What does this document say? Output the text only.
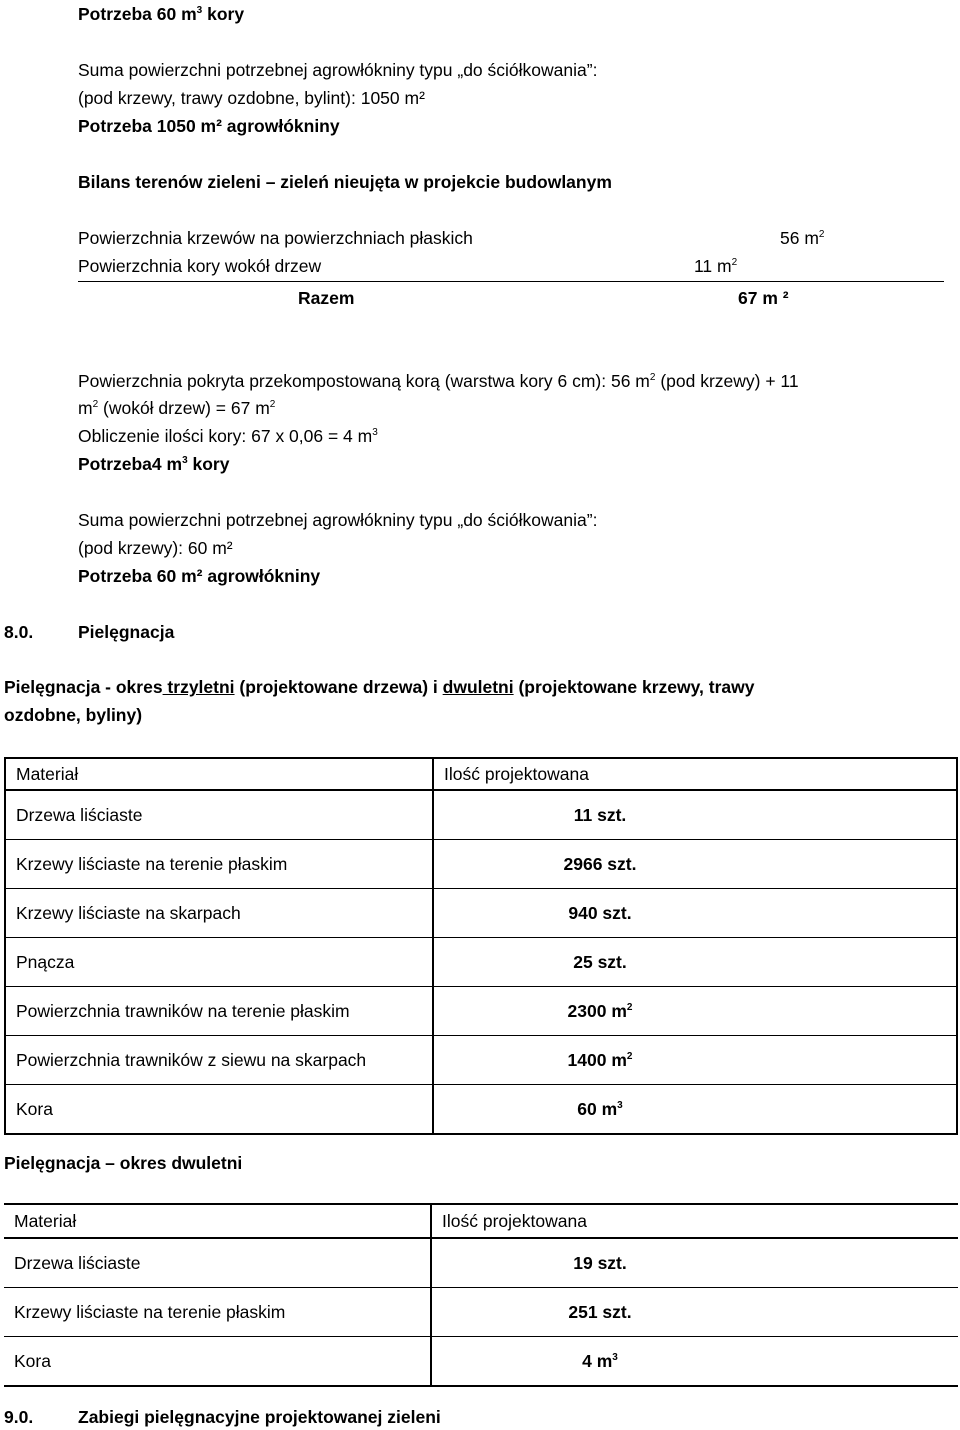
Potrzeba 60 $m^3$ kory
Suma powierzchni potrzebnej agrowłókniny typu „do ściółkowania”:
(pod krzewy, trawy ozdobne, bylint): 1050 m²
Potrzeba 1050 m² agrowłókniny
Bilans terenów zieleni – zieleń nieujęta w projekcie budowlanym
Powierzchnia krzewów na powierzchniach płaskich	56 $m^2$
Powierzchnia kory wokół drzew	11 $m^2$
Razem	67 m ²
Powierzchnia pokryta przekompostowaną korą (warstwa kory 6 cm): 56 $m^2$ (pod krzewy) + 11
$m^2$ (wokół drzew) = 67 $m^2$
Obliczenie ilości kory: 67 x 0,06 = 4 $m^3$
Potrzeba4 $m^3$ kory
Suma powierzchni potrzebnej agrowłókniny typu „do ściółkowania”:
(pod krzewy): 60 m²
Potrzeba 60 m² agrowłókniny
8.0.	Pielęgnacja
Pielęgnacja - okres trzyletni (projektowane drzewa) i dwuletni (projektowane krzewy, trawy
ozdobne, byliny)
Materiał	Ilość projektowana
Drzewa liściaste	11 szt.
Krzewy liściaste na terenie płaskim	2966 szt.
Krzewy liściaste na skarpach	940 szt.
Pnącza	25 szt.
Powierzchnia trawników na terenie płaskim	2300 $m^2$
Powierzchnia trawników z siewu na skarpach	1400 $m^2$
Kora	60 $m^3$
Pielęgnacja – okres dwuletni
Materiał	Ilość projektowana
Drzewa liściaste	19 szt.
Krzewy liściaste na terenie płaskim	251 szt.
Kora	4 $m^3$
9.0.	Zabiegi pielęgnacyjne projektowanej zieleni
